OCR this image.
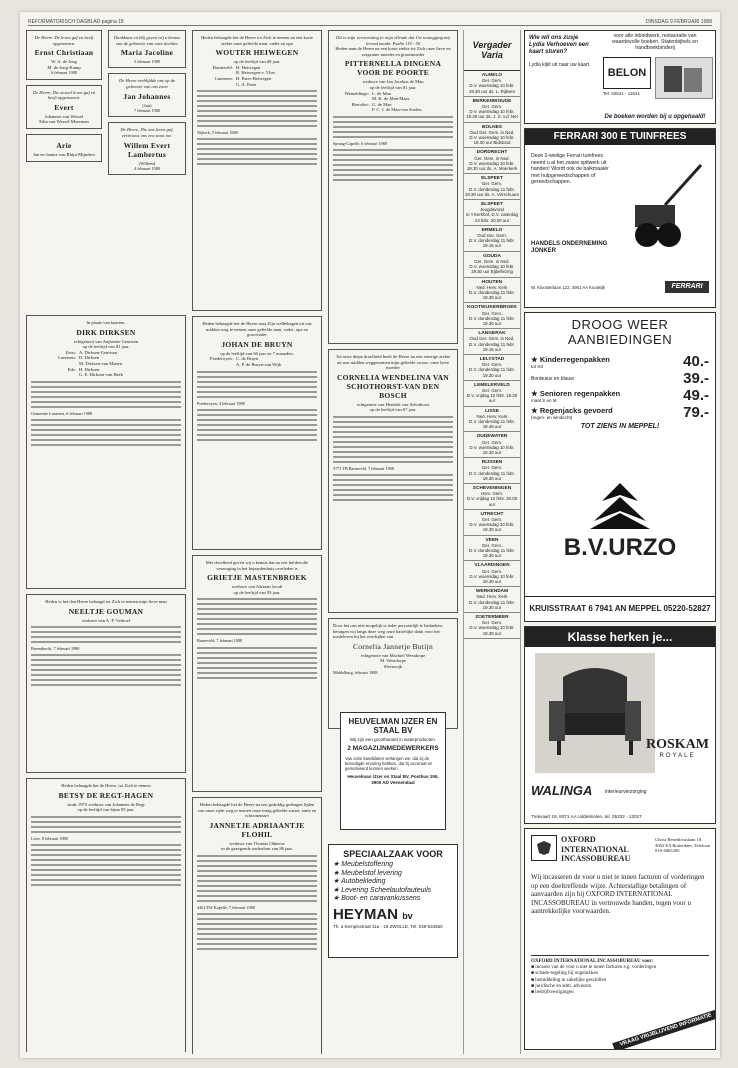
REFORMATORISCH DAGBLAD pagina 18	DINSDAG 9 FEBRUARI 1988
De Heere. De leven gaf en heeft opgenomen.
Ernst Christiaan
W. A. de Jong
M. de Jong-Kamp
6 februari 1988
De Heere, Die zoveel leven gaf en heeft opgenomen.
Evert
Johannes van Wessel
Edia van Wessel-Moerman
Arie
Jan en Jannie van Rhijn-Mijnders
In plaats van kaarten.
DIRK DIRKSEN
echtgenoot van Anjenette Geurtsen
op de leeftijd van 81 jaar.
Zeist: A. Dirksen-Geurtsen
Lunteren: D. Dirksen
M. Dirksen-van Manen
Ede: H. Dirksen
G. E. Dirksen-van Beek
Gemeente Lunteren, 6 februari 1988
Heden is het den Heere behaagd tot Zich te nemen mijn lieve man
NEELTJE GOUMAN
weduwe van A. P. Verhoef
Barendrecht, 7 februari 1988
Heden behaagde het de Heere, tot Zich te nemen
BETSY DE REGT-HAGEN
sinds 1975 weduwe van Johannes de Regt
op de leeftijd van bijna 93 jaar.
Lisse, 8 februari 1988
Dankbaar en blij geven wij u kennis van de geboorte van onze dochter
Maria Jacoline
5 februari 1988
De Heere verblijdde ons op de geboorte van ons zoon
Jan Johannes
(Jan)
7 februari 1988
De Heere, Die ons leven gaf, vertrouwt ons een zoon toe.
Willem Evert Lambertus
(Willem)
4 februari 1988
Heden behaagde het de Heere tot Zich te nemen na een korte ziekte onze geliefde man, vader en opa
WOUTER HEIWEGEN
op de leeftijd van 68 jaar.
Barneveld: H. Heiwegen
R. Heiwegen-v. Vliet
Lunteren: H. Pater-Heiwegen
G. A. Pater
Nijkerk, 5 februari 1988
Heden behaagde het de Heere naar Zijn welbehagen uit ons midden weg te nemen onze geliefde man, vader, opa en grootvader
JOHAN DE BRUYN
op de leeftijd van 66 jaar en 7 maanden.
Poederoyen: C. de Bruyn
A. P. de Bruyn-van Wijk
Poederoyen, 4 februari 1988
Met droefheid geven wij u kennis dat na een liefdevolle verzorging in het bejaardenhuis overleden is
GRIETJE MASTENBROEK
weduwe van Adriaan Jacob
op de leeftijd van 93 jaar.
Barneveld, 7 februari 1988
Heden behaagde het de Heere na een geduldig gedragen lijden van onze zijde weg te nemen onze innig geliefde zuster, tante en schoonzuster
JANNETJE ADRIAANTJE FLOHIL
weduwe van Thomas Okkerse
in de gezegende ouderdom van 86 jaar.
4401 EW Kapelle, 7 februari 1988
Dit is mijn vertroosting in mijn ellende dat Uw toezegging mij levend maakt. Psalm 119 : 50
Heden nam de Heere na een korte ziekte tot Zich onze lieve en zorgzame moeder en grootmoeder
PITTERNELLA DINGENA VOOR DE POORTE
weduwe van Jan Jacobus de Man
op de leeftijd van 81 jaar.
Wemeldinge: L. de Man
M. K. de Man-Maas
Biervliet: G. de Man
P. C. J. de Man-van Soelen
Sprang-Capelle, 6 februari 1988
Tot onze diepe droefheid heeft de Heere na een ernstige ziekte uit ons midden weggenomen mijn geliefde vrouw, onze lieve moeder
CORNELIA WENDELINA VAN SCHOTHORST-VAN DEN BOSCH
echtgenote van Hendrik van Schothorst
op de leeftijd van 67 jaar.
3771 TB Barneveld, 7 februari 1988
Door het ons niet mogelijk is ieder persoonlijk te bedanken, betuigen wij langs deze weg onze hartelijke dank voor het medeleven bij het overlijden van
Cornelia Jannetje Butijn
echtgenote van Machiel Westdorpe
M. Westdorpe
Sleeuwijk
Middelburg, februari 1988
HEUVELMAN IJZER EN STAAL BV
Wij zijn een groothandel in waterproducten.
2 MAGAZIJNMEDEWERKERS
Van onze kandidaten verlangen we: dat zij de benodigde ervaring hebben, dat zij accuraat en gemotiveerd kunnen werken.
Heuvelman IJzer en Staal BV, Postbus 155, 3900 AD Veenendaal
SPECIAALZAAK VOOR
★ Meubelstoffering
★ Meubelstof levering
★ Autobekleding
★ Levering Scheelautofauteuils
★ Boot- en caravankussens
HEYMAN bv
Th. a Kempisstraat 11a - 19 ZWOLLE, Tel. 038-534560
Vergader Varia
ALMELO
Ger. Gem.
D.V. woensdag 10 febr. 19.30 uur ds. L. Rijksen
BERKENWOUDE
Ger. Gem.
D.V. woensdag 10 febr. 19.30 uur ds. J. S. v.d. Net
BOLNES
Oud Ger. Gem. in Ned.
D.V. woensdag 10 febr. 19.30 uur Bidstond
DORDRECHT
Ger. Gem. in Ned.
D.V. woensdag 10 febr. 19.30 uur ds. A. Moerkerk
ELSPEET
Ger. Gem.
D.V. donderdag 11 febr. 19.30 uur ds. A. Verschuure
ELSPEET
Jeugdavond
in 't Kerkhof, D.V. zaterdag 13 febr. 20.00 uur
ERMELO
Oud Ger. Gem.
D.V. donderdag 11 febr. 19.15 uur
GOUDA
Ger. Gem. in Ned.
D.V. woensdag 10 febr. 19.30 uur Bijbellezing
HOUTEN
Ned. Herv. Kerk
D.V. donderdag 11 febr. 19.30 uur
KOOTWIJKERBROEK
Ger. Gem.
D.V. donderdag 11 febr. 19.30 uur
LANGERAK
Oud Ger. Gem. in Ned.
D.V. donderdag 11 febr. 19.15 uur
LELYSTAD
Ger. Gem.
D.V. donderdag 11 febr. 19.30 uur
LEMELERVELD
Ger. Gem.
D.V. vrijdag 12 febr. 19.30 uur
LISSE
Ned. Herv. Kerk
D.V. donderdag 11 febr. 19.45 uur
OUDEWATER
Ger. Gem.
D.V. woensdag 10 febr. 19.30 uur
RIJSSEN
Ger. Gem.
D.V. donderdag 11 febr. 19.30 uur
SCHEVENINGEN
Herv. Gem.
D.V. vrijdag 12 febr. 20.00 uur
UTRECHT
Ger. Gem.
D.V. woensdag 10 febr. 19.30 uur
VEEN
Ger. Gem.
D.V. donderdag 11 febr. 19.30 uur
VLAARDINGEN
Ger. Gem.
D.V. woensdag 10 febr. 19.30 uur
WERKENDAM
Ned. Herv. Kerk
D.V. donderdag 11 febr. 19.30 uur
ZOETERMEER
Ger. Gem.
D.V. woensdag 10 febr. 19.30 uur
Wie wil ons zusje Lydia Verhoeven een kaart sturen?
Lydia kijkt uit naar uw kaart.
voor alle inbindwerk, restauratie van waardevolle boeken, Statenbijbels en handboekbinderij
BELON
Tel. 02521 - 11621
De boeken worden bij u opgehaald!
FERRARI 300 E TUINFREES
Deze 2-wielige Ferrari tuinfrees neemt u al het zware spitwerk uit handen! Wordt ook de balkmaaiër met hulpgereedschappen of gereedschappen.
HANDELS ONDERNEMING JONKER
W. Kloosterlaan 122, 3901 AA Kootwijk	FERRARI
DROOG WEER AANBIEDINGEN
★ Kinderregenpakken
tot XS	40.-
Bordeaux en blauw	39.-
★ Senioren regenpakken
maat S en M	49.-
★ Regenjacks gevoerd
(regen- en windecht)	79.-
TOT ZIENS IN MEPPEL!
B.V.URZO
KRUISSTRAAT 6 7941 AN MEPPEL 05220-52827
Klasse herken je...
ROSKAM
ROYALE
WALINGA	interieurverzorging
Trekvaart 19, 8071 AA Uddelmolen, tel. 05202 - 12027
OXFORD INTERNATIONAL INCASSOBUREAU
Christ Benedictuslaan 10, 3062 EA Rotterdam, Telefoon 010-4063200
Wij incasseren de voor u niet te innen facturen of vorderingen op een doeltreffende wijze. Achterstallige betalingen of aanvaarden zijn bij OXFORD INTERNATIONAL INCASSOBUREAU in vertrouwde handen, tegen voor u aantrekkelijke voorwaarden.
OXFORD INTERNATIONAL INCASSOBUREAU voor:
■ incasso van de voor u niet te innen facturen e.g. vorderingen
■ schade-regeling bij ongelukken
■ bemiddeling in zakelijke geschillen
■ juridische en adm. adviezen
■ bedrijfsvestigingen
VRAAG VRIJBLIJVEND INFORMATIE
